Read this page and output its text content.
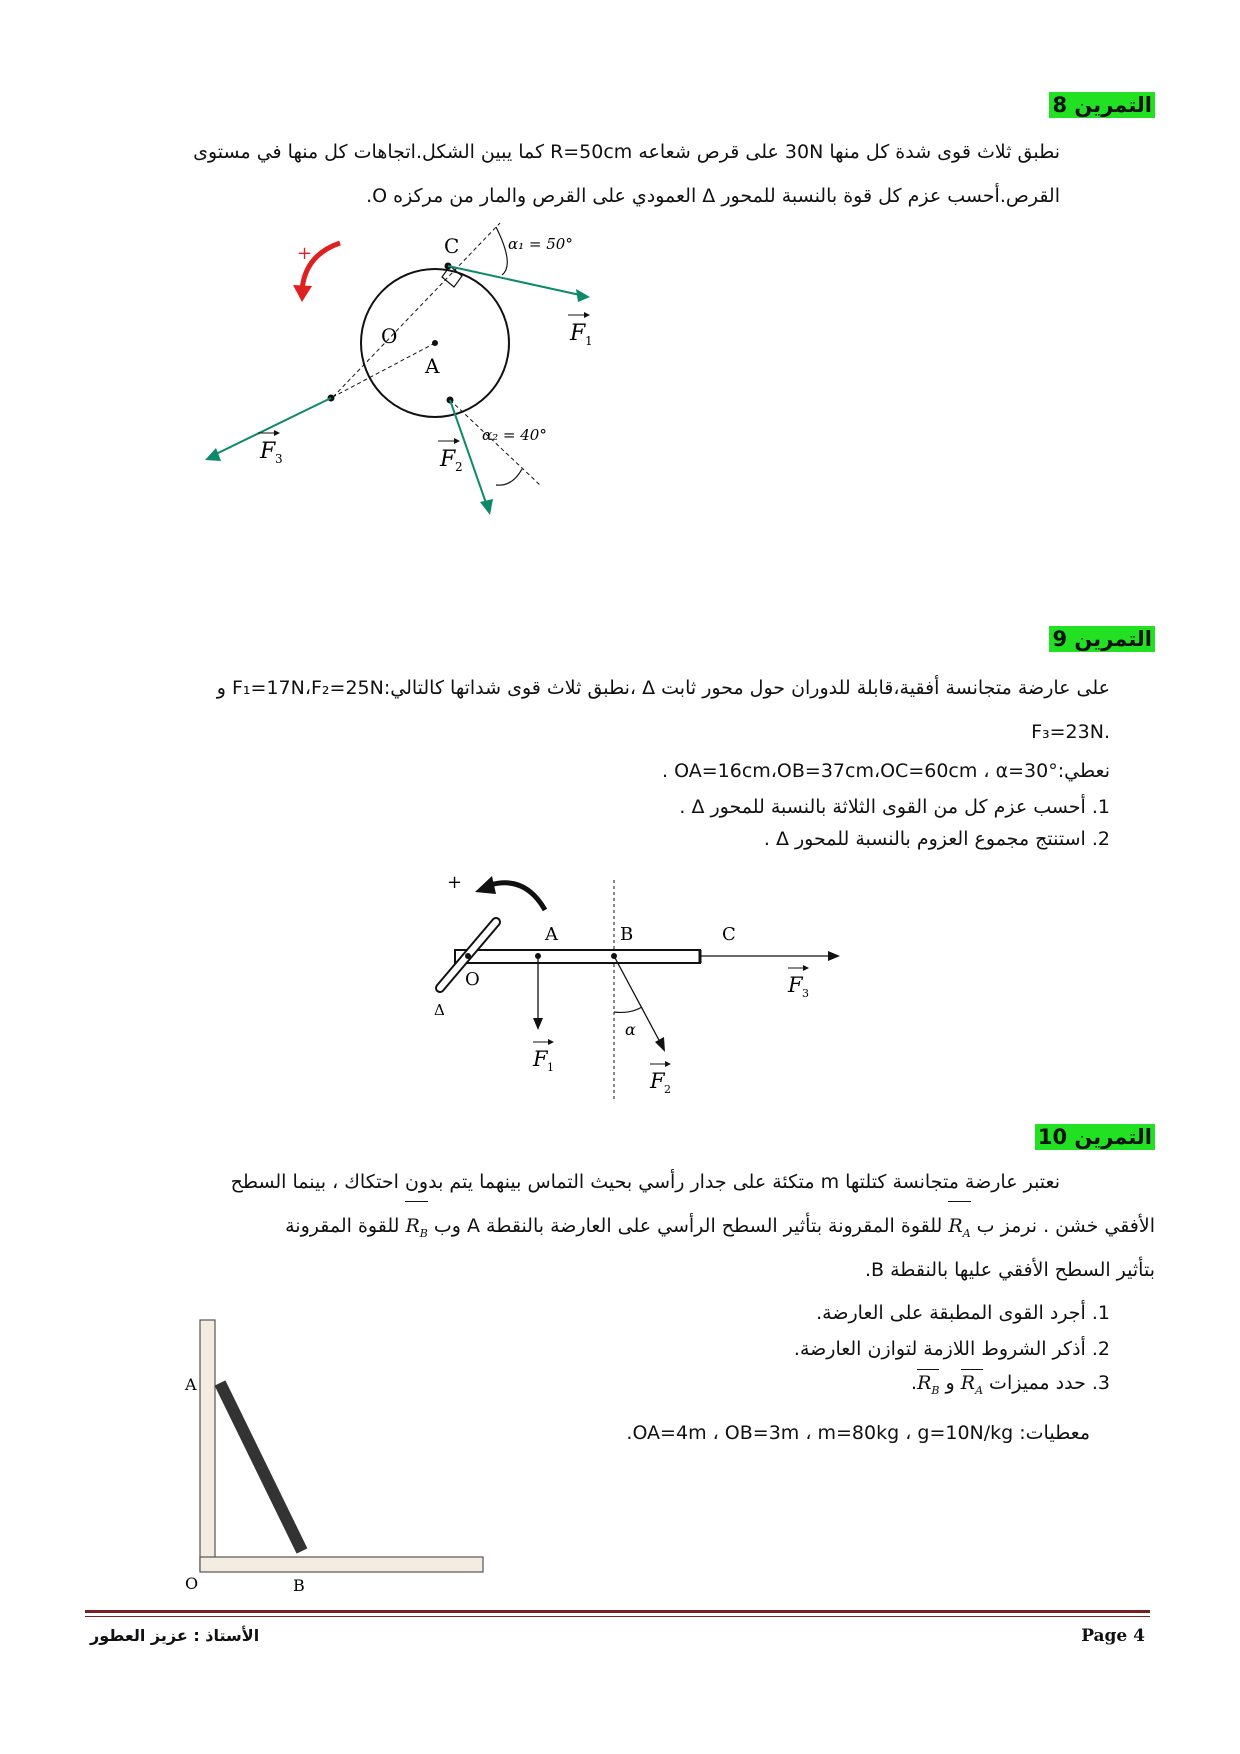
التمرين 8
نطبق ثلاث قوى شدة كل منها 30N على قرص شعاعه R=50cm كما يبين الشكل.اتجاهات كل منها في مستوى
القرص.أحسب عزم كل قوة بالنسبة للمحور Δ العمودي على القرص والمار من مركزه O.
+	C
O
A
α₁ = 50°
α₂ = 40°
F 1
F 2
F 3
التمرين 9
على عارضة متجانسة أفقية،قابلة للدوران حول محور ثابت Δ ،نطبق ثلاث قوى شداتها كالتالي:F₁=17N،F₂=25N و
F₃=23N.
نعطي:OA=16cm،OB=37cm،OC=60cm ، α=30° .
1. أحسب عزم كل من القوى الثلاثة بالنسبة للمحور Δ .
2. استنتج مجموع العزوم بالنسبة للمحور Δ .
+
A	B	C
O
Δ
α
F 1
F 2
F 3
التمرين 10
نعتبر عارضة متجانسة كتلتها m متكئة على جدار رأسي بحيث التماس بينهما يتم بدون احتكاك ، بينما السطح
الأفقي خشن . نرمز ب $R_A$ للقوة المقرونة بتأثير السطح الرأسي على العارضة بالنقطة A وب $R_B$ للقوة المقرونة
بتأثير السطح الأفقي عليها بالنقطة B.
1. أجرد القوى المطبقة على العارضة.
2. أذكر الشروط اللازمة لتوازن العارضة.
3. حدد مميزات $R_A$ و $R_B$.
معطيات: OA=4m ، OB=3m ، m=80kg ، g=10N/kg.
A
O	B
الأستاذ : عزيز العطور	Page 4
